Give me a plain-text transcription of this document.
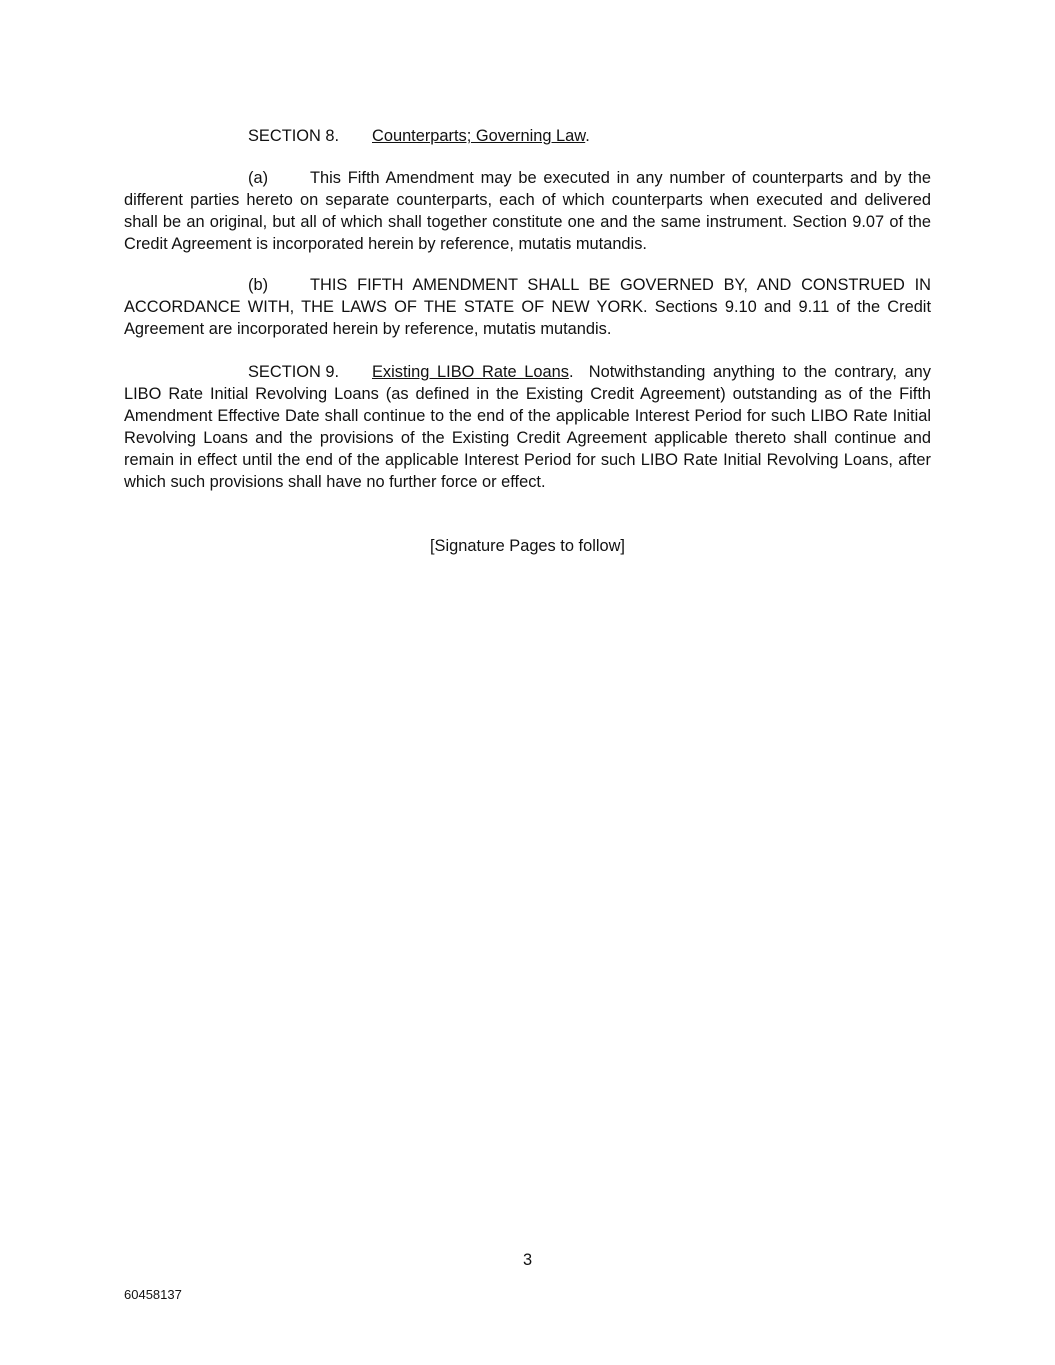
SECTION 8. Counterparts; Governing Law.
(a)	This Fifth Amendment may be executed in any number of counterparts and by the different parties hereto on separate counterparts, each of which counterparts when executed and delivered shall be an original, but all of which shall together constitute one and the same instrument. Section 9.07 of the Credit Agreement is incorporated herein by reference, mutatis mutandis.
(b)	THIS FIFTH AMENDMENT SHALL BE GOVERNED BY, AND CONSTRUED IN ACCORDANCE WITH, THE LAWS OF THE STATE OF NEW YORK. Sections 9.10 and 9.11 of the Credit Agreement are incorporated herein by reference, mutatis mutandis.
SECTION 9. Existing LIBO Rate Loans. Notwithstanding anything to the contrary, any LIBO Rate Initial Revolving Loans (as defined in the Existing Credit Agreement) outstanding as of the Fifth Amendment Effective Date shall continue to the end of the applicable Interest Period for such LIBO Rate Initial Revolving Loans and the provisions of the Existing Credit Agreement applicable thereto shall continue and remain in effect until the end of the applicable Interest Period for such LIBO Rate Initial Revolving Loans, after which such provisions shall have no further force or effect.
[Signature Pages to follow]
3
60458137
